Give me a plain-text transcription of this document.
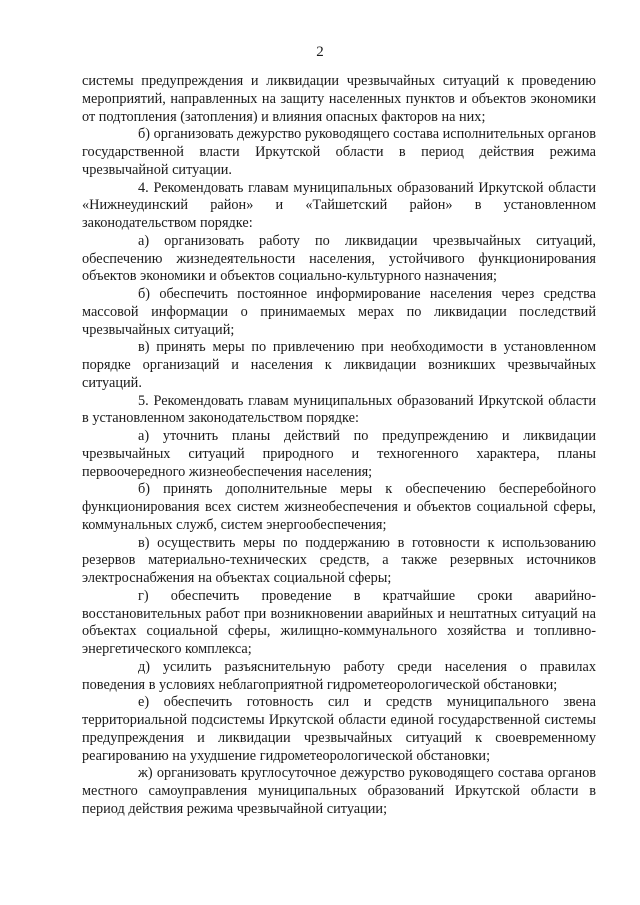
2

системы предупреждения и ликвидации чрезвычайных ситуаций к проведению мероприятий, направленных на защиту населенных пунктов и объектов экономики от подтопления (затопления) и влияния опасных факторов на них;

б) организовать дежурство руководящего состава исполнительных органов государственной власти Иркутской области в период действия режима чрезвычайной ситуации.

4. Рекомендовать главам муниципальных образований Иркутской области «Нижнеудинский район» и «Тайшетский район» в установленном законодательством порядке:

а) организовать работу по ликвидации чрезвычайных ситуаций, обеспечению жизнедеятельности населения, устойчивого функционирования объектов экономики и объектов социально-культурного назначения;

б) обеспечить постоянное информирование населения через средства массовой информации о принимаемых мерах по ликвидации последствий чрезвычайных ситуаций;

в) принять меры по привлечению при необходимости в установленном порядке организаций и населения к ликвидации возникших чрезвычайных ситуаций.

5. Рекомендовать главам муниципальных образований Иркутской области в установленном законодательством порядке:

а) уточнить планы действий по предупреждению и ликвидации чрезвычайных ситуаций природного и техногенного характера, планы первоочередного жизнеобеспечения населения;

б) принять дополнительные меры к обеспечению бесперебойного функционирования всех систем жизнеобеспечения и объектов социальной сферы, коммунальных служб, систем энергообеспечения;

в) осуществить меры по поддержанию в готовности к использованию резервов материально-технических средств, а также резервных источников электроснабжения на объектах социальной сферы;

г) обеспечить проведение в кратчайшие сроки аварийно-восстановительных работ при возникновении аварийных и нештатных ситуаций на объектах социальной сферы, жилищно-коммунального хозяйства и топливно-энергетического комплекса;

д) усилить разъяснительную работу среди населения о правилах поведения в условиях неблагоприятной гидрометеорологической обстановки;

е) обеспечить готовность сил и средств муниципального звена территориальной подсистемы Иркутской области единой государственной системы предупреждения и ликвидации чрезвычайных ситуаций к своевременному реагированию на ухудшение гидрометеорологической обстановки;

ж) организовать круглосуточное дежурство руководящего состава органов местного самоуправления муниципальных образований Иркутской области в период действия режима чрезвычайной ситуации;
